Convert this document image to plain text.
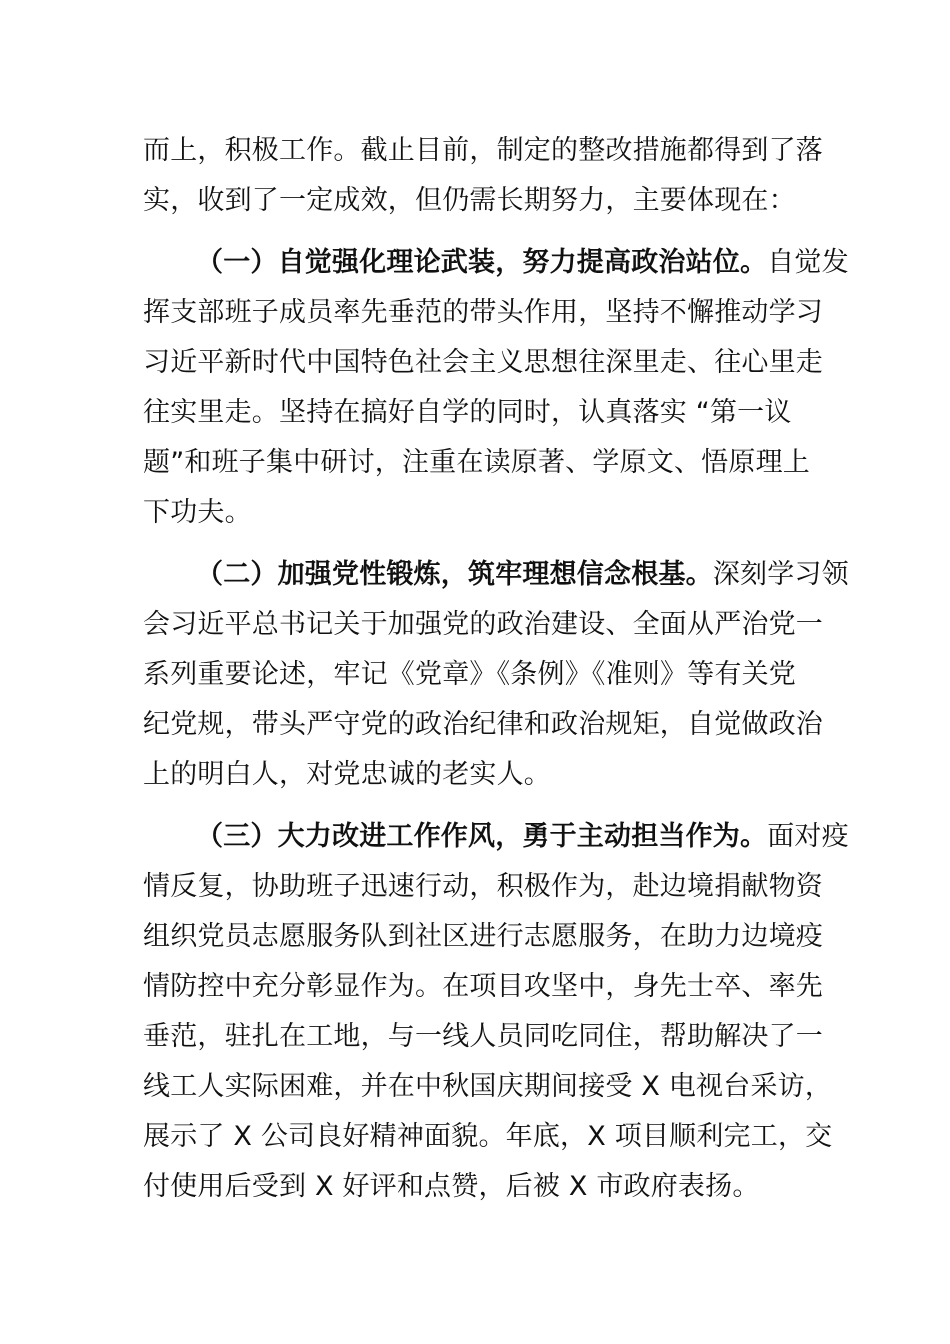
而上，积极工作。截止目前，制定的整改措施都得到了落
实，收到了一定成效，但仍需长期努力，主要体现在：
（一）自觉强化理论武装，努力提高政治站位。自觉发
挥支部班子成员率先垂范的带头作用，坚持不懈推动学习
习近平新时代中国特色社会主义思想往深里走、往心里走
往实里走。坚持在搞好自学的同时，认真落实 “第一议
题”和班子集中研讨，注重在读原著、学原文、悟原理上
下功夫。
（二）加强党性锻炼，筑牢理想信念根基。深刻学习领
会习近平总书记关于加强党的政治建设、全面从严治党一
系列重要论述，牢记《党章》《条例》《准则》等有关党
纪党规，带头严守党的政治纪律和政治规矩，自觉做政治
上的明白人，对党忠诚的老实人。
（三）大力改进工作作风，勇于主动担当作为。面对疫
情反复，协助班子迅速行动，积极作为，赴边境捐献物资
组织党员志愿服务队到社区进行志愿服务，在助力边境疫
情防控中充分彰显作为。在项目攻坚中，身先士卒、率先
垂范，驻扎在工地，与一线人员同吃同住，帮助解决了一
线工人实际困难，并在中秋国庆期间接受 X 电视台采访，
展示了 X 公司良好精神面貌。年底，X 项目顺利完工，交
付使用后受到 X 好评和点赞，后被 X 市政府表扬。
